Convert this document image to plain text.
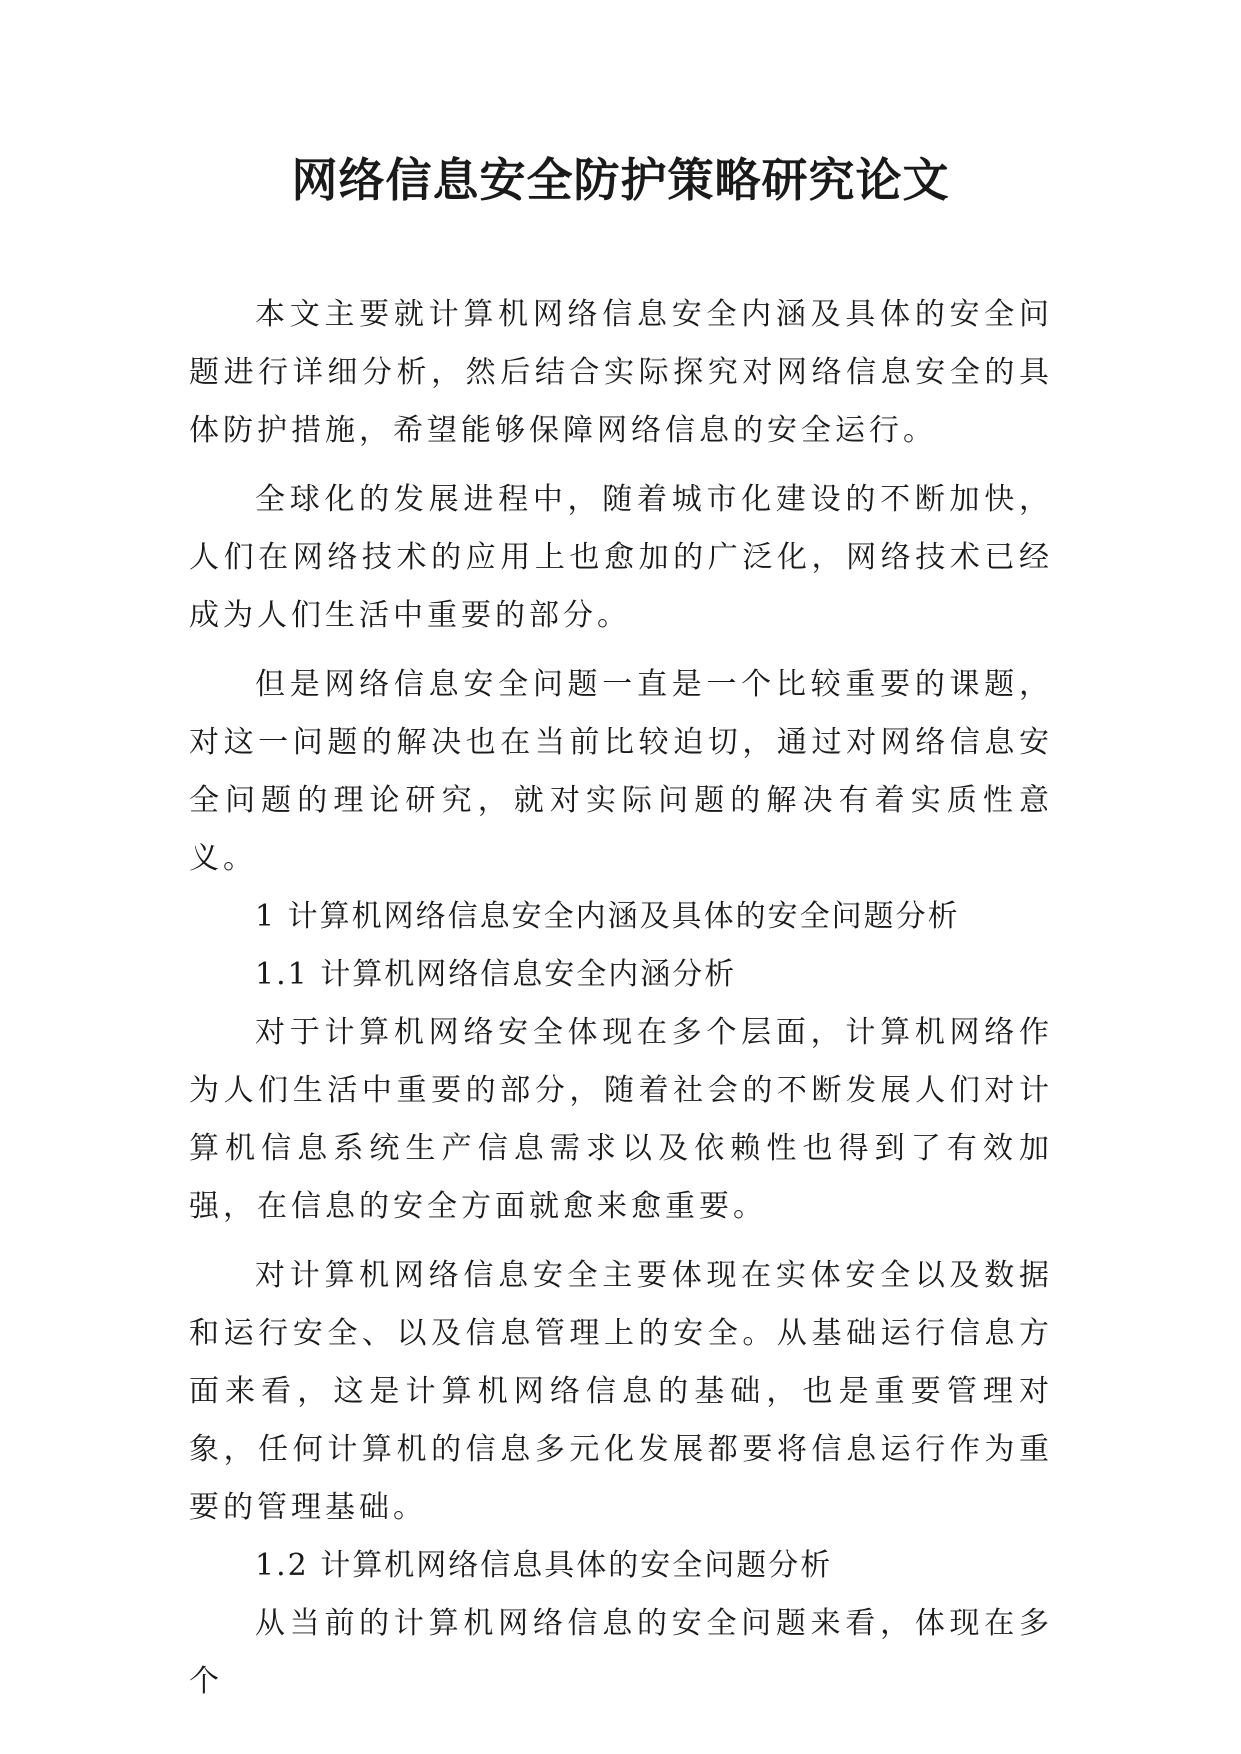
网络信息安全防护策略研究论文

本文主要就计算机网络信息安全内涵及具体的安全问题进行详细分析，然后结合实际探究对网络信息安全的具体防护措施，希望能够保障网络信息的安全运行。

全球化的发展进程中，随着城市化建设的不断加快，人们在网络技术的应用上也愈加的广泛化，网络技术已经成为人们生活中重要的部分。

但是网络信息安全问题一直是一个比较重要的课题，对这一问题的解决也在当前比较迫切，通过对网络信息安全问题的理论研究，就对实际问题的解决有着实质性意义。

1 计算机网络信息安全内涵及具体的安全问题分析

1.1 计算机网络信息安全内涵分析

对于计算机网络安全体现在多个层面，计算机网络作为人们生活中重要的部分，随着社会的不断发展人们对计算机信息系统生产信息需求以及依赖性也得到了有效加强，在信息的安全方面就愈来愈重要。

对计算机网络信息安全主要体现在实体安全以及数据和运行安全、以及信息管理上的安全。从基础运行信息方面来看，这是计算机网络信息的基础，也是重要管理对象，任何计算机的信息多元化发展都要将信息运行作为重要的管理基础。

1.2 计算机网络信息具体的安全问题分析

从当前的计算机网络信息的安全问题来看，体现在多个
